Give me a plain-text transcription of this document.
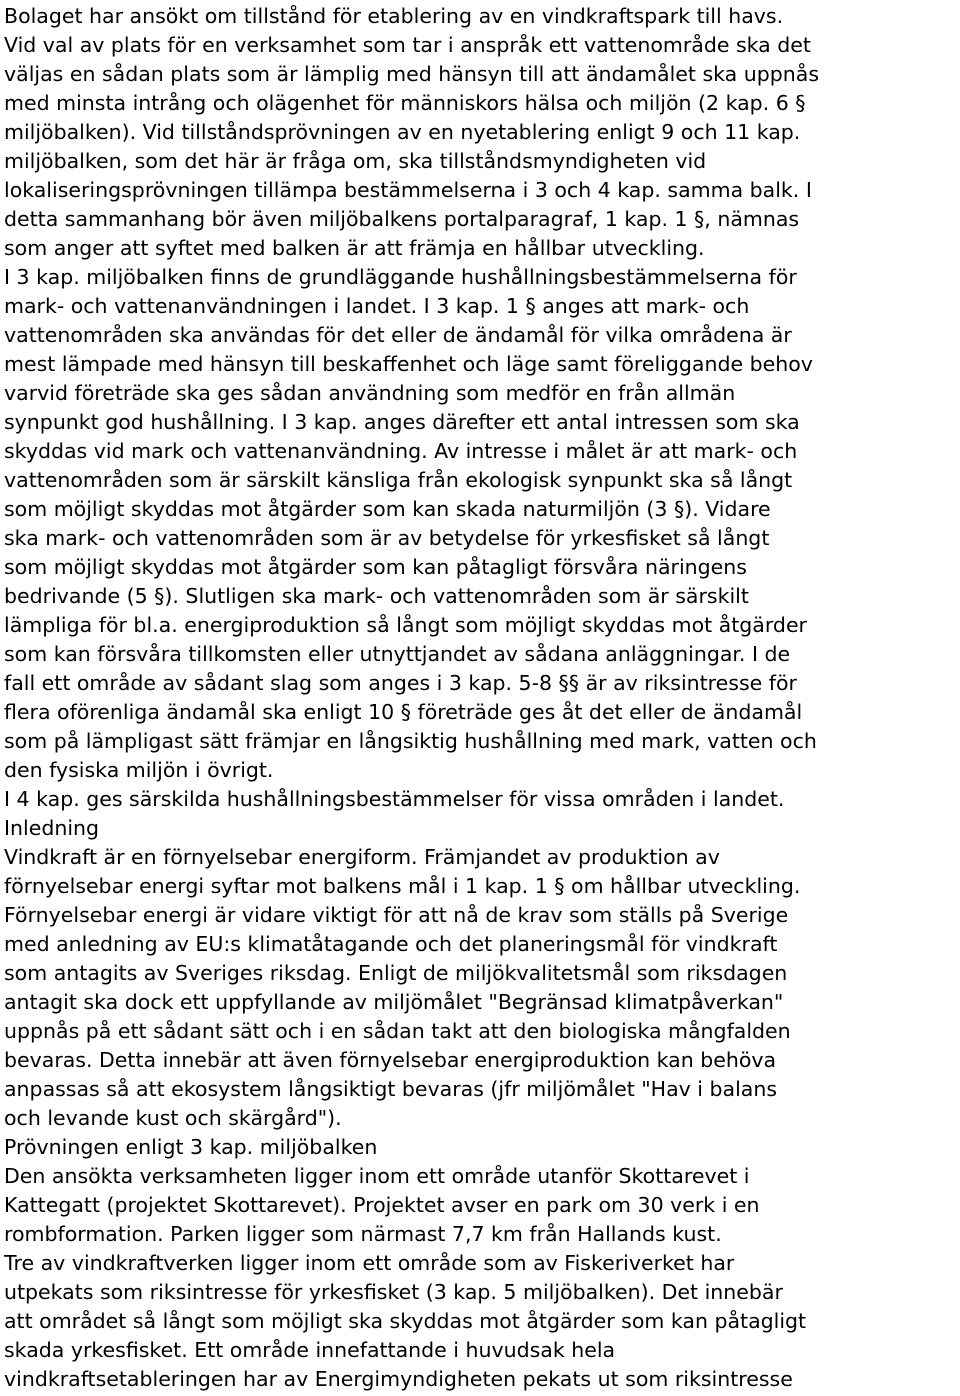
Bolaget har ansökt om tillstånd för etablering av en vindkraftspark till havs.
Vid val av plats för en verksamhet som tar i anspråk ett vattenområde ska det
väljas en sådan plats som är lämplig med hänsyn till att ändamålet ska uppnås
med minsta intrång och olägenhet för människors hälsa och miljön (2 kap. 6 §
miljöbalken). Vid tillståndsprövningen av en nyetablering enligt 9 och 11 kap.
miljöbalken, som det här är fråga om, ska tillståndsmyndigheten vid
lokaliseringsprövningen tillämpa bestämmelserna i 3 och 4 kap. samma balk. I
detta sammanhang bör även miljöbalkens portalparagraf, 1 kap. 1 §, nämnas
som anger att syftet med balken är att främja en hållbar utveckling.
I 3 kap. miljöbalken finns de grundläggande hushållningsbestämmelserna för
mark- och vattenanvändningen i landet. I 3 kap. 1 § anges att mark- och
vattenområden ska användas för det eller de ändamål för vilka områdena är
mest lämpade med hänsyn till beskaffenhet och läge samt föreliggande behov
varvid företräde ska ges sådan användning som medför en från allmän
synpunkt god hushållning. I 3 kap. anges därefter ett antal intressen som ska
skyddas vid mark och vattenanvändning. Av intresse i målet är att mark- och
vattenområden som är särskilt känsliga från ekologisk synpunkt ska så långt
som möjligt skyddas mot åtgärder som kan skada naturmiljön (3 §). Vidare
ska mark- och vattenområden som är av betydelse för yrkesfisket så långt
som möjligt skyddas mot åtgärder som kan påtagligt försvåra näringens
bedrivande (5 §). Slutligen ska mark- och vattenområden som är särskilt
lämpliga för bl.a. energiproduktion så långt som möjligt skyddas mot åtgärder
som kan försvåra tillkomsten eller utnyttjandet av sådana anläggningar. I de
fall ett område av sådant slag som anges i 3 kap. 5-8 §§ är av riksintresse för
flera oförenliga ändamål ska enligt 10 § företräde ges åt det eller de ändamål
som på lämpligast sätt främjar en långsiktig hushållning med mark, vatten och
den fysiska miljön i övrigt.
I 4 kap. ges särskilda hushållningsbestämmelser för vissa områden i landet.
Inledning
Vindkraft är en förnyelsebar energiform. Främjandet av produktion av
förnyelsebar energi syftar mot balkens mål i 1 kap. 1 § om hållbar utveckling.
Förnyelsebar energi är vidare viktigt för att nå de krav som ställs på Sverige
med anledning av EU:s klimatåtagande och det planeringsmål för vindkraft
som antagits av Sveriges riksdag. Enligt de miljökvalitetsmål som riksdagen
antagit ska dock ett uppfyllande av miljömålet "Begränsad klimatpåverkan"
uppnås på ett sådant sätt och i en sådan takt att den biologiska mångfalden
bevaras. Detta innebär att även förnyelsebar energiproduktion kan behöva
anpassas så att ekosystem långsiktigt bevaras (jfr miljömålet "Hav i balans
och levande kust och skärgård").
Prövningen enligt 3 kap. miljöbalken
Den ansökta verksamheten ligger inom ett område utanför Skottarevet i
Kattegatt (projektet Skottarevet). Projektet avser en park om 30 verk i en
rombformation. Parken ligger som närmast 7,7 km från Hallands kust.
Tre av vindkraftverken ligger inom ett område som av Fiskeriverket har
utpekats som riksintresse för yrkesfisket (3 kap. 5 miljöbalken). Det innebär
att området så långt som möjligt ska skyddas mot åtgärder som kan påtagligt
skada yrkesfisket. Ett område innefattande i huvudsak hela
vindkraftsetableringen har av Energimyndigheten pekats ut som riksintresse
